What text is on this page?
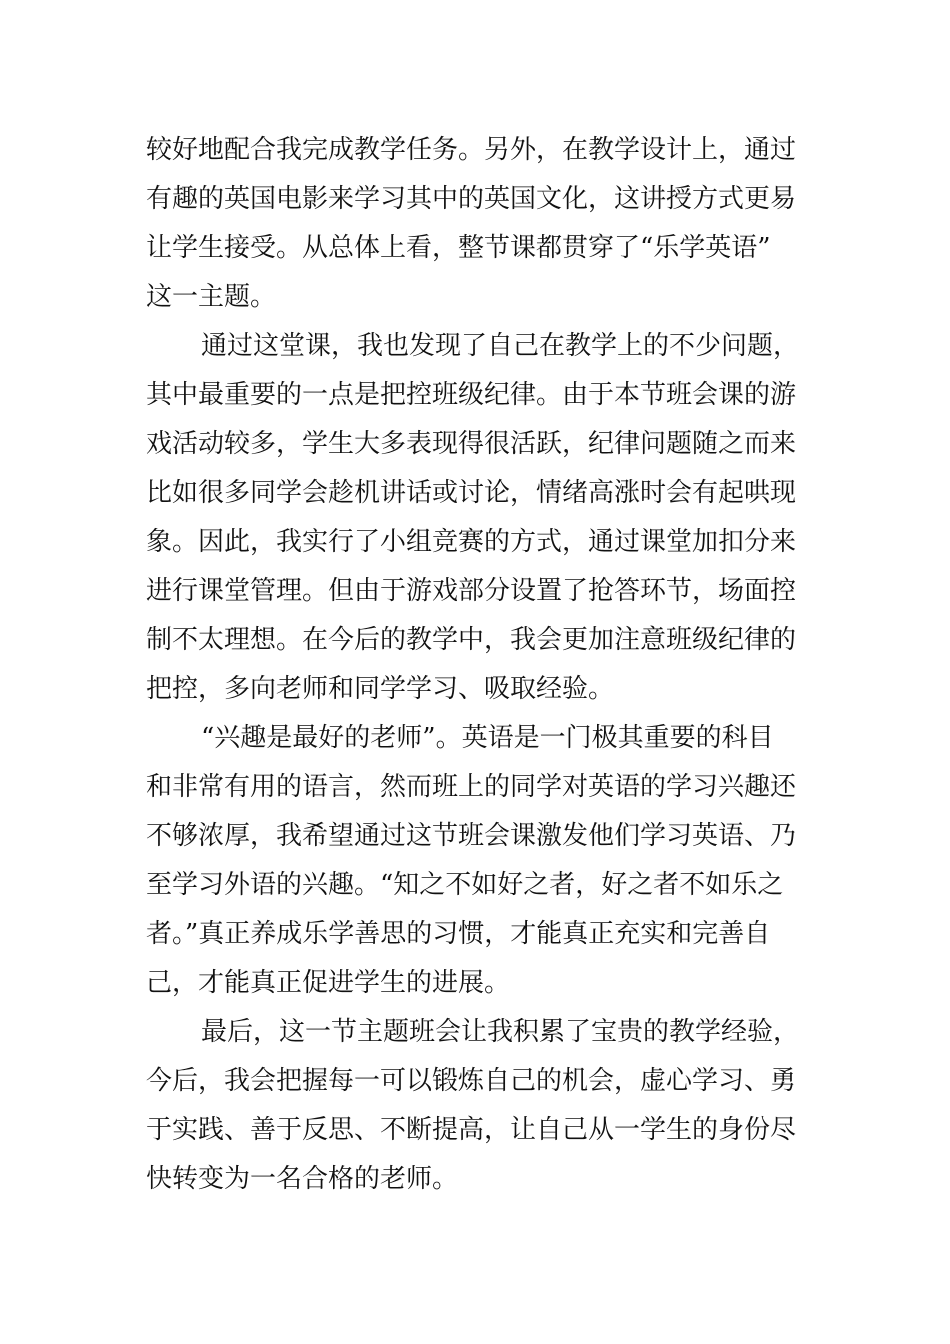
较好地配合我完成教学任务。另外，在教学设计上，通过
有趣的英国电影来学习其中的英国文化，这讲授方式更易
让学生接受。从总体上看，整节课都贯穿了“乐学英语”
这一主题。
通过这堂课，我也发现了自己在教学上的不少问题，
其中最重要的一点是把控班级纪律。由于本节班会课的游
戏活动较多，学生大多表现得很活跃，纪律问题随之而来
比如很多同学会趁机讲话或讨论，情绪高涨时会有起哄现
象。因此，我实行了小组竞赛的方式，通过课堂加扣分来
进行课堂管理。但由于游戏部分设置了抢答环节，场面控
制不太理想。在今后的教学中，我会更加注意班级纪律的
把控，多向老师和同学学习、吸取经验。
“兴趣是最好的老师”。英语是一门极其重要的科目
和非常有用的语言，然而班上的同学对英语的学习兴趣还
不够浓厚，我希望通过这节班会课激发他们学习英语、乃
至学习外语的兴趣。“知之不如好之者，好之者不如乐之
者。”真正养成乐学善思的习惯，才能真正充实和完善自
己，才能真正促进学生的进展。
最后，这一节主题班会让我积累了宝贵的教学经验，
今后，我会把握每一可以锻炼自己的机会，虚心学习、勇
于实践、善于反思、不断提高，让自己从一学生的身份尽
快转变为一名合格的老师。
